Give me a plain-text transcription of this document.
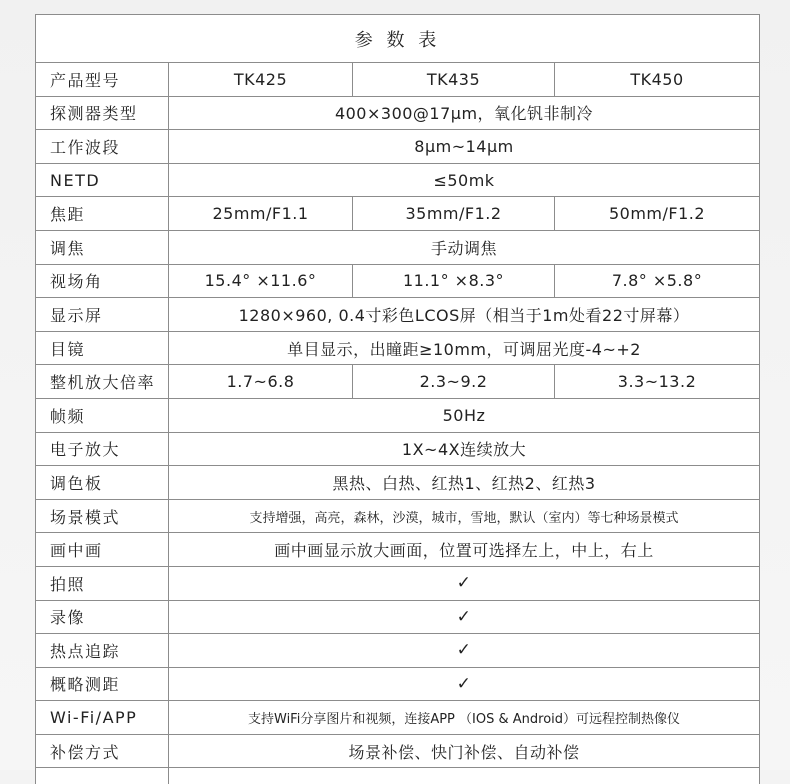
参 数 表			
产品型号	TK425	TK435	TK450
探测器类型	400×300@17μm，氧化钒非制冷		
工作波段	8μm~14μm		
NETD	≤50mk		
焦距	25mm/F1.1	35mm/F1.2	50mm/F1.2
调焦	手动调焦		
视场角	15.4° ×11.6°	11.1° ×8.3°	7.8° ×5.8°
显示屏	1280×960, 0.4寸彩色LCOS屏（相当于1m处看22寸屏幕）		
目镜	单目显示，出瞳距≥10mm，可调屈光度-4~+2		
整机放大倍率	1.7~6.8	2.3~9.2	3.3~13.2
帧频	50Hz		
电子放大	1X~4X连续放大		
调色板	黑热、白热、红热1、红热2、红热3		
场景模式	支持增强，高亮，森林，沙漠，城市，雪地，默认（室内）等七种场景模式		
画中画	画中画显示放大画面，位置可选择左上，中上，右上		
拍照	✓		
录像	✓		
热点追踪	✓		
概略测距	✓		
Wi-Fi/APP	支持WiFi分享图片和视频，连接APP （IOS & Android）可远程控制热像仪		
补偿方式	场景补偿、快门补偿、自动补偿		
